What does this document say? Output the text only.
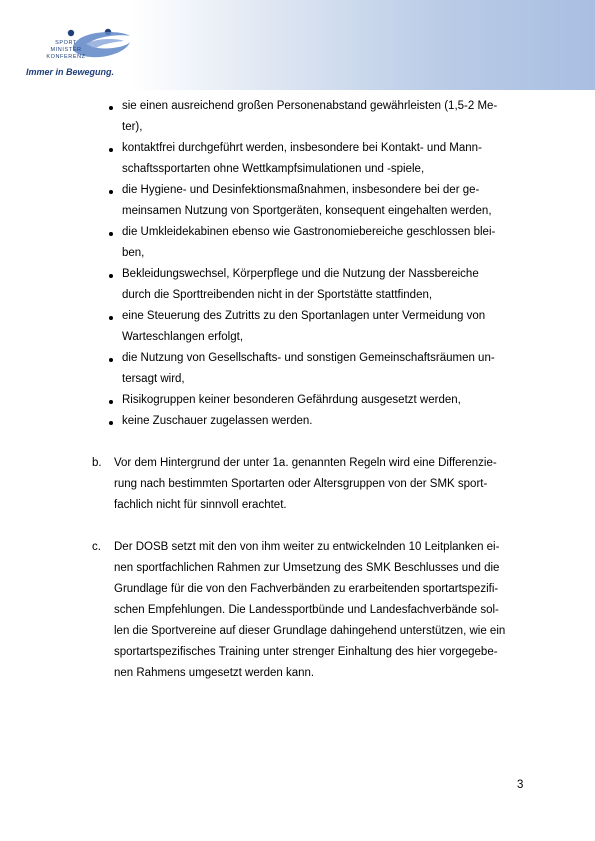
SPORT
MINISTER
KONFERENZ
Immer in Bewegung.
sie einen ausreichend großen Personenabstand gewährleisten (1,5-2 Me-
ter),
kontaktfrei durchgeführt werden, insbesondere bei Kontakt- und Mann-
schaftssportarten ohne Wettkampfsimulationen und -spiele,
die Hygiene- und Desinfektionsmaßnahmen, insbesondere bei der ge-
meinsamen Nutzung von Sportgeräten, konsequent eingehalten werden,
die Umkleidekabinen ebenso wie Gastronomiebereiche geschlossen blei-
ben,
Bekleidungswechsel, Körperpflege und die Nutzung der Nassbereiche
durch die Sporttreibenden nicht in der Sportstätte stattfinden,
eine Steuerung des Zutritts zu den Sportanlagen unter Vermeidung von
Warteschlangen erfolgt,
die Nutzung von Gesellschafts- und sonstigen Gemeinschaftsräumen un-
tersagt wird,
Risikogruppen keiner besonderen Gefährdung ausgesetzt werden,
keine Zuschauer zugelassen werden.
b. Vor dem Hintergrund der unter 1a. genannten Regeln wird eine Differenzie-
rung nach bestimmten Sportarten oder Altersgruppen von der SMK sport-
fachlich nicht für sinnvoll erachtet.
c. Der DOSB setzt mit den von ihm weiter zu entwickelnden 10 Leitplanken ei-
nen sportfachlichen Rahmen zur Umsetzung des SMK Beschlusses und die
Grundlage für die von den Fachverbänden zu erarbeitenden sportartspezifi-
schen Empfehlungen. Die Landessportbünde und Landesfachverbände sol-
len die Sportvereine auf dieser Grundlage dahingehend unterstützen, wie ein
sportartspezifisches Training unter strenger Einhaltung des hier vorgegebe-
nen Rahmens umgesetzt werden kann.
3
